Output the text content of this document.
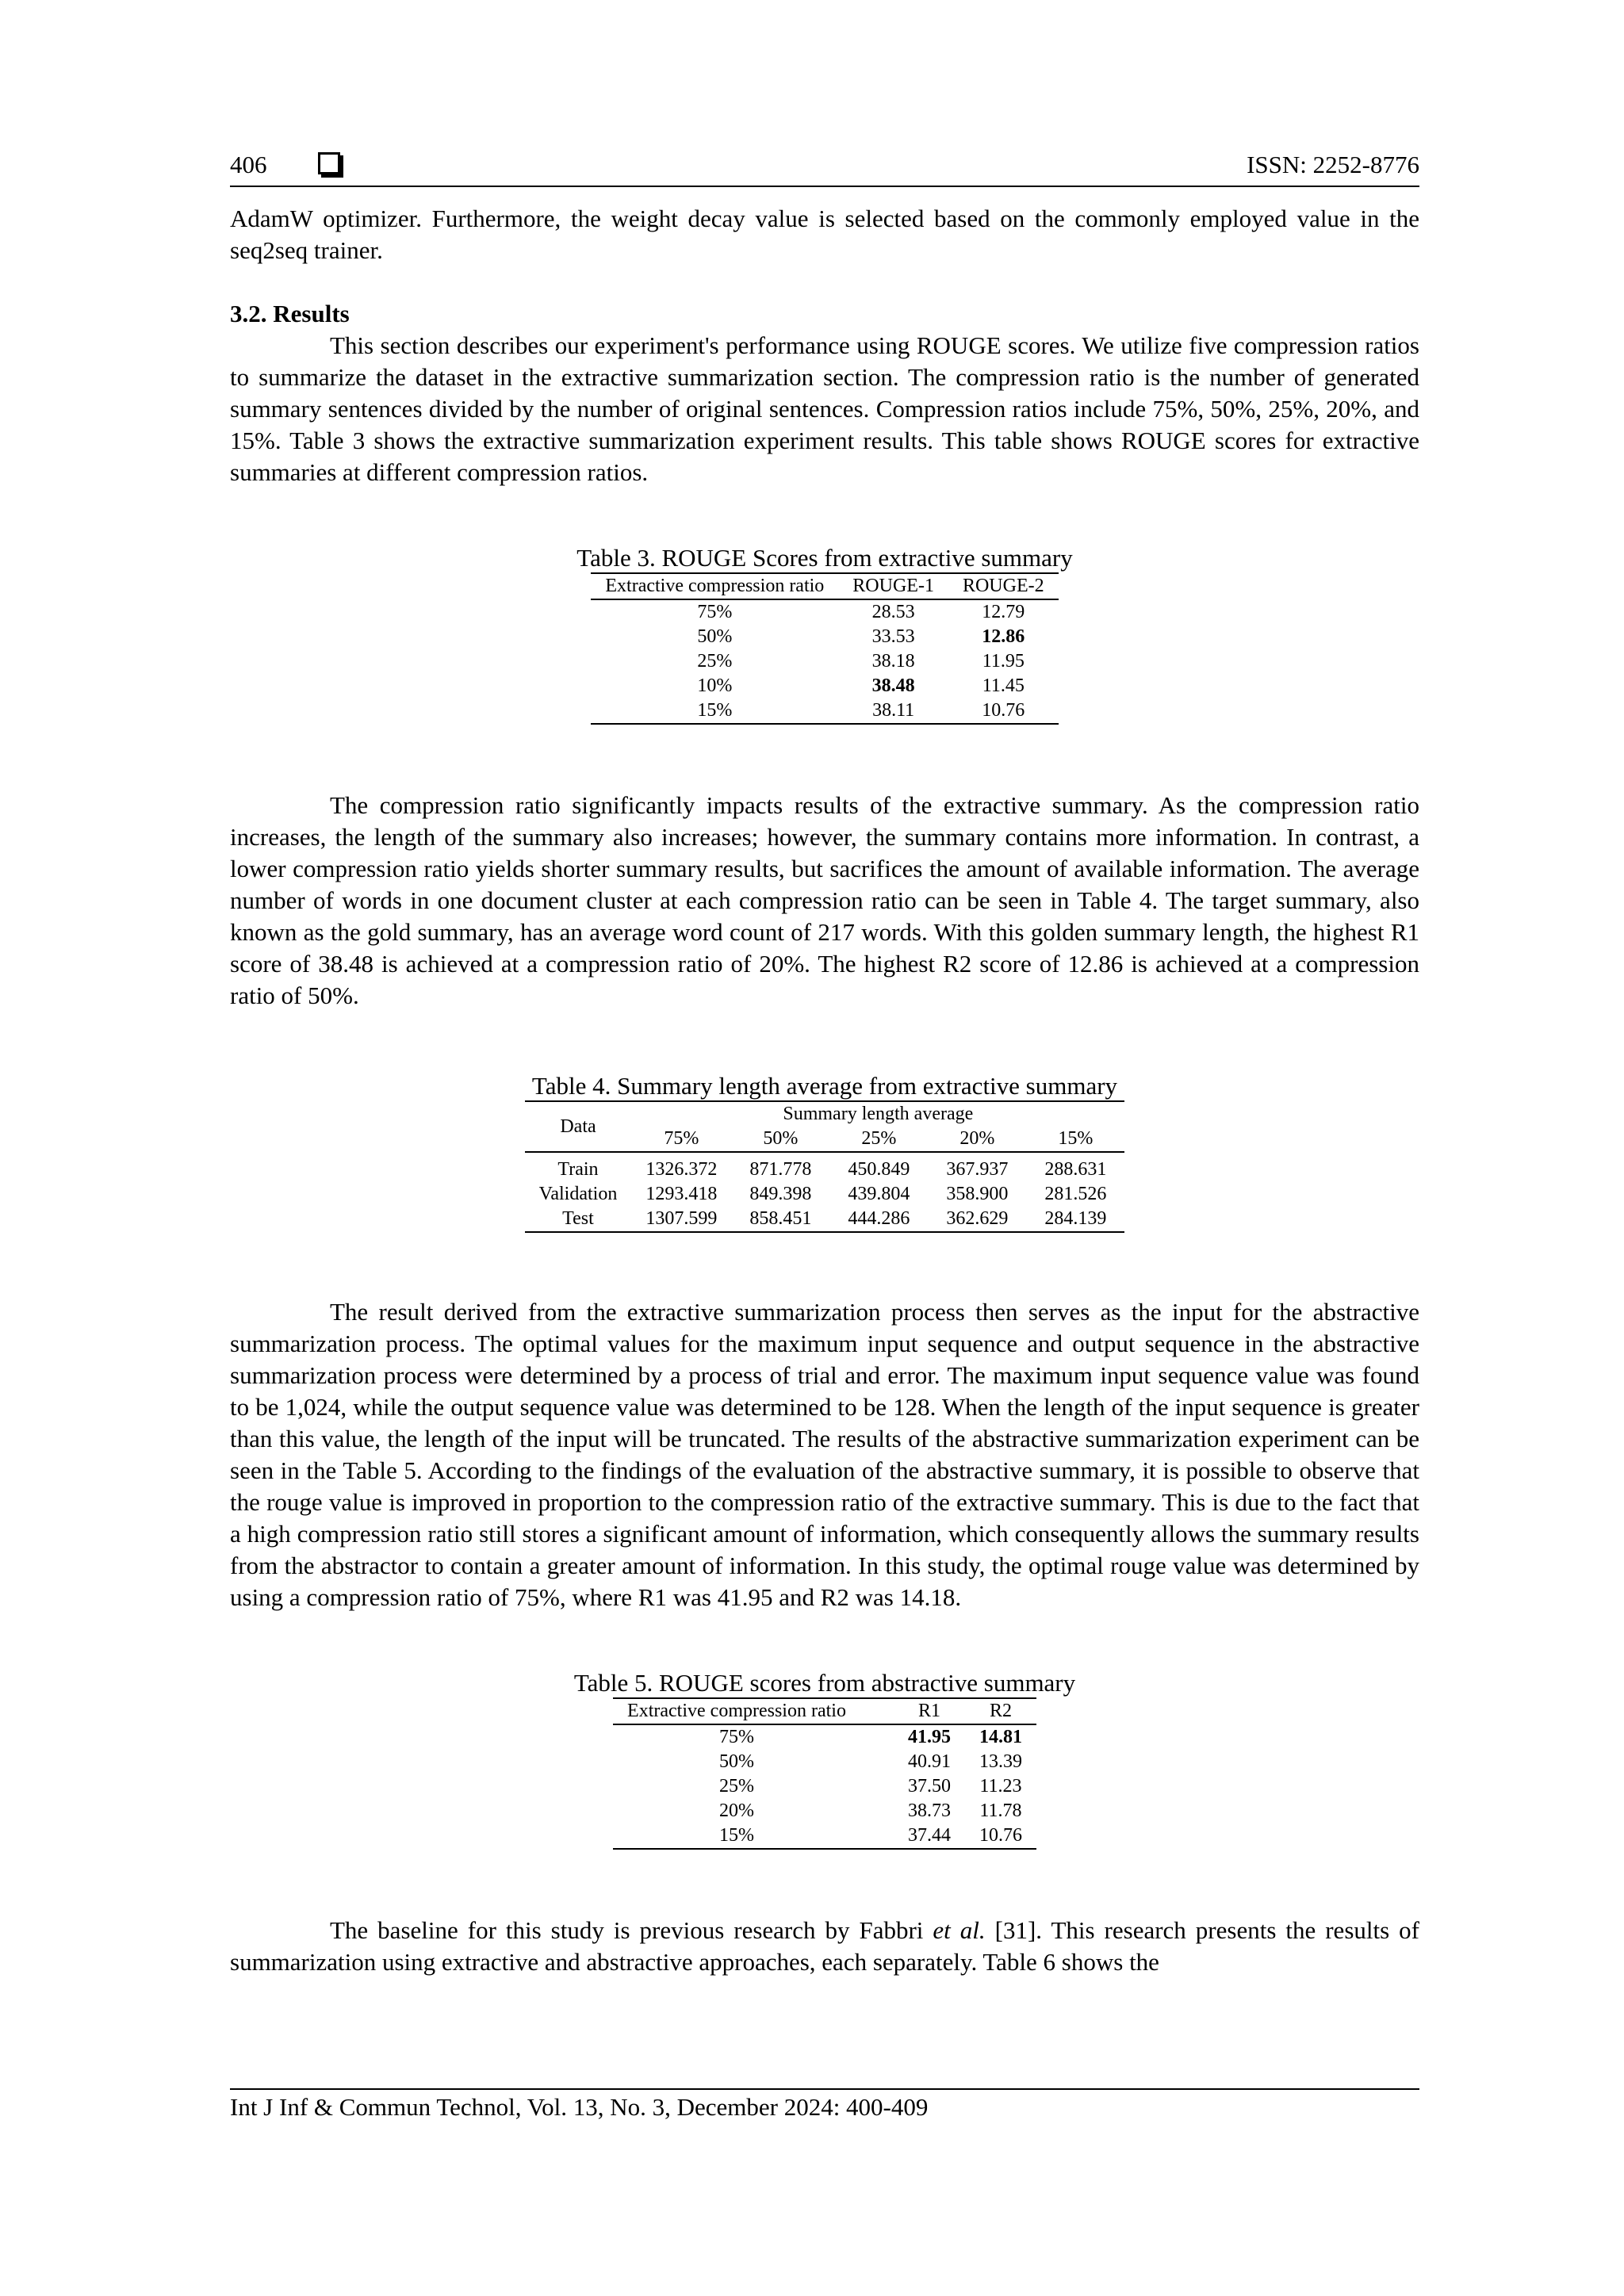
406	ISSN: 2252-8776

AdamW optimizer. Furthermore, the weight decay value is selected based on the commonly employed value in the seq2seq trainer.

3.2. Results

This section describes our experiment's performance using ROUGE scores. We utilize five compression ratios to summarize the dataset in the extractive summarization section. The compression ratio is the number of generated summary sentences divided by the number of original sentences. Compression ratios include 75%, 50%, 25%, 20%, and 15%. Table 3 shows the extractive summarization experiment results. This table shows ROUGE scores for extractive summaries at different compression ratios.

Table 3. ROUGE Scores from extractive summary
Extractive compression ratio	ROUGE-1	ROUGE-2
75%	28.53	12.79
50%	33.53	12.86
25%	38.18	11.95
10%	38.48	11.45
15%	38.11	10.76

The compression ratio significantly impacts results of the extractive summary. As the compression ratio increases, the length of the summary also increases; however, the summary contains more information. In contrast, a lower compression ratio yields shorter summary results, but sacrifices the amount of available information. The average number of words in one document cluster at each compression ratio can be seen in Table 4. The target summary, also known as the gold summary, has an average word count of 217 words. With this golden summary length, the highest R1 score of 38.48 is achieved at a compression ratio of 20%. The highest R2 score of 12.86 is achieved at a compression ratio of 50%.

Table 4. Summary length average from extractive summary
Data	Summary length average				
	75%	50%	25%	20%	15%
Train	1326.372	871.778	450.849	367.937	288.631
Validation	1293.418	849.398	439.804	358.900	281.526
Test	1307.599	858.451	444.286	362.629	284.139

The result derived from the extractive summarization process then serves as the input for the abstractive summarization process. The optimal values for the maximum input sequence and output sequence in the abstractive summarization process were determined by a process of trial and error. The maximum input sequence value was found to be 1,024, while the output sequence value was determined to be 128. When the length of the input sequence is greater than this value, the length of the input will be truncated. The results of the abstractive summarization experiment can be seen in the Table 5. According to the findings of the evaluation of the abstractive summary, it is possible to observe that the rouge value is improved in proportion to the compression ratio of the extractive summary. This is due to the fact that a high compression ratio still stores a significant amount of information, which consequently allows the summary results from the abstractor to contain a greater amount of information. In this study, the optimal rouge value was determined by using a compression ratio of 75%, where R1 was 41.95 and R2 was 14.18.

Table 5. ROUGE scores from abstractive summary
Extractive compression ratio	R1	R2
75%	41.95	14.81
50%	40.91	13.39
25%	37.50	11.23
20%	38.73	11.78
15%	37.44	10.76

The baseline for this study is previous research by Fabbri et al. [31]. This research presents the results of summarization using extractive and abstractive approaches, each separately. Table 6 shows the

Int J Inf & Commun Technol, Vol. 13, No. 3, December 2024: 400-409
